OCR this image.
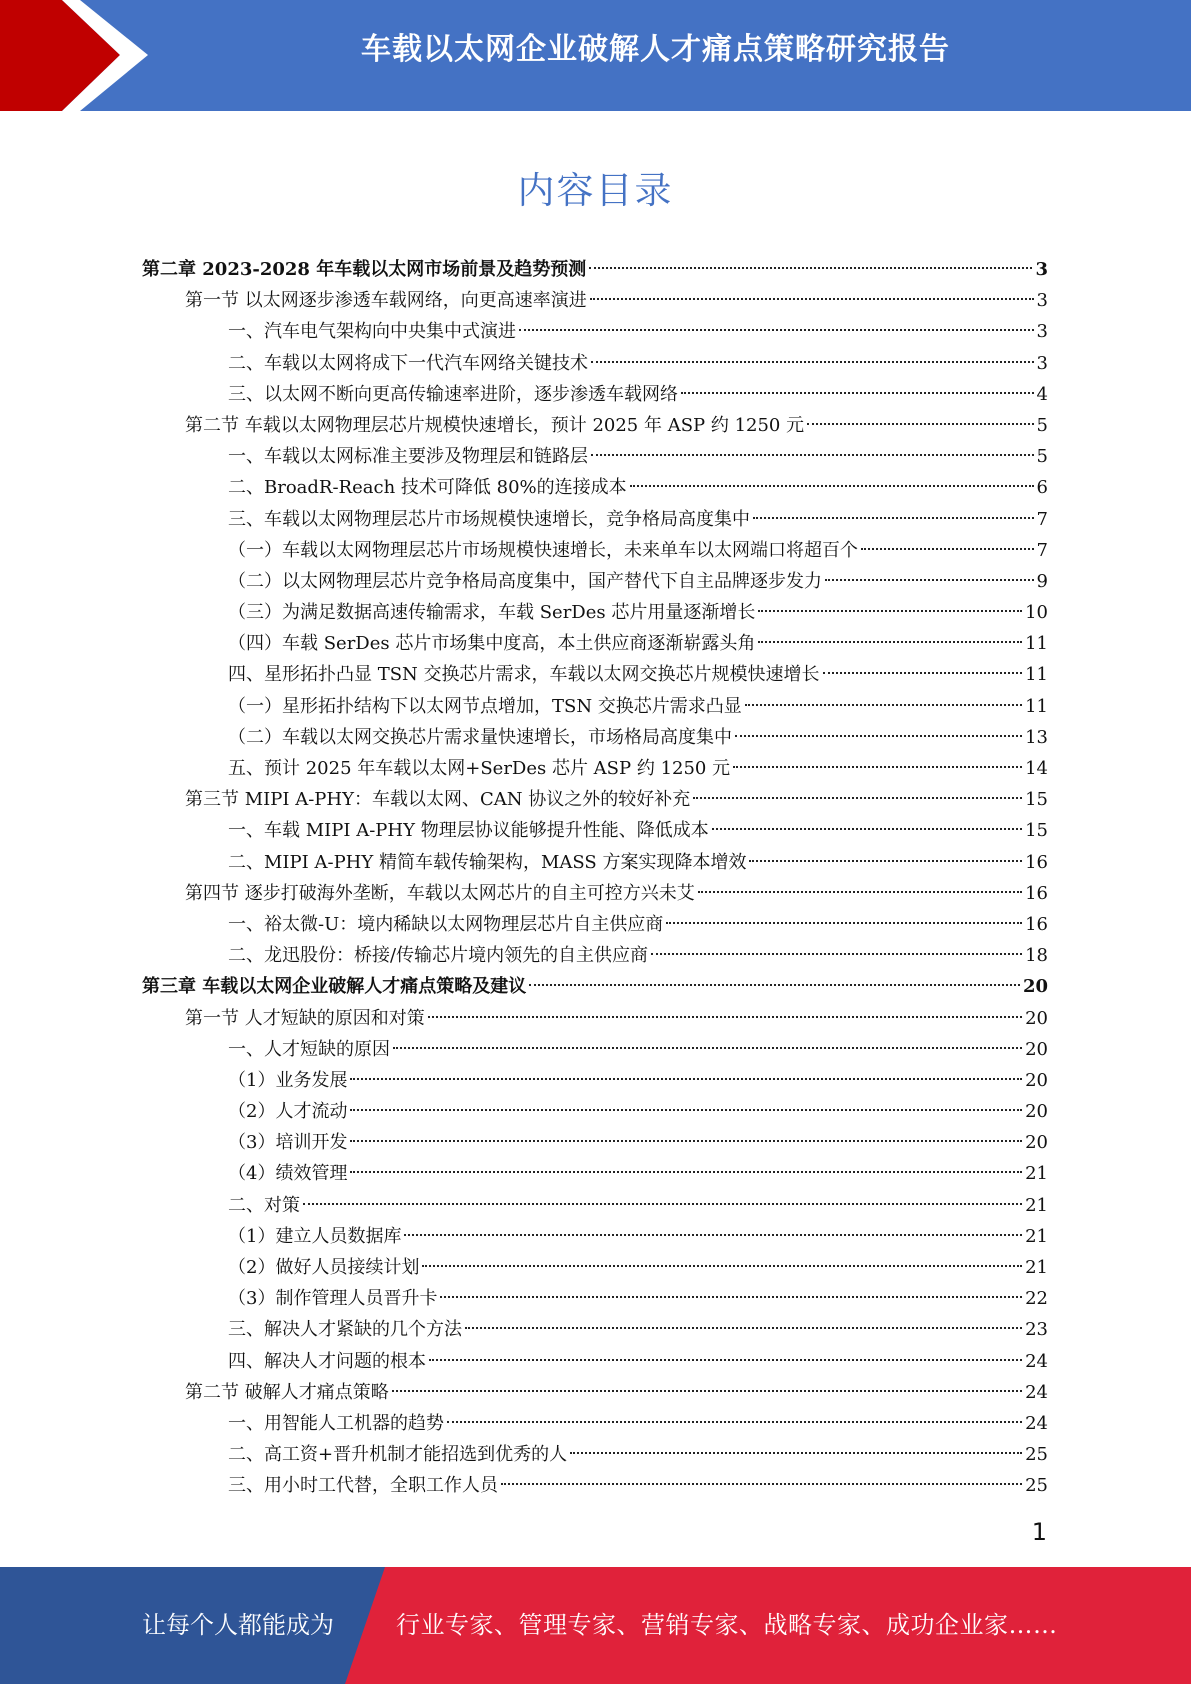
车载以太网企业破解人才痛点策略研究报告
内容目录
第二章 2023-2028 年车载以太网市场前景及趋势预测	3
第一节 以太网逐步渗透车载网络，向更高速率演进	3
一、汽车电气架构向中央集中式演进	3
二、车载以太网将成下一代汽车网络关键技术	3
三、以太网不断向更高传输速率进阶，逐步渗透车载网络	4
第二节 车载以太网物理层芯片规模快速增长，预计 2025 年 ASP 约 1250 元	5
一、车载以太网标准主要涉及物理层和链路层	5
二、BroadR-Reach 技术可降低 80%的连接成本	6
三、车载以太网物理层芯片市场规模快速增长，竞争格局高度集中	7
（一）车载以太网物理层芯片市场规模快速增长，未来单车以太网端口将超百个	7
（二）以太网物理层芯片竞争格局高度集中，国产替代下自主品牌逐步发力	9
（三）为满足数据高速传输需求，车载 SerDes 芯片用量逐渐增长	10
（四）车载 SerDes 芯片市场集中度高，本土供应商逐渐崭露头角	11
四、星形拓扑凸显 TSN 交换芯片需求，车载以太网交换芯片规模快速增长	11
（一）星形拓扑结构下以太网节点增加，TSN 交换芯片需求凸显	11
（二）车载以太网交换芯片需求量快速增长，市场格局高度集中	13
五、预计 2025 年车载以太网+SerDes 芯片 ASP 约 1250 元	14
第三节 MIPI A-PHY：车载以太网、CAN 协议之外的较好补充	15
一、车载 MIPI A-PHY 物理层协议能够提升性能、降低成本	15
二、MIPI A-PHY 精简车载传输架构，MASS 方案实现降本增效	16
第四节 逐步打破海外垄断，车载以太网芯片的自主可控方兴未艾	16
一、裕太微-U：境内稀缺以太网物理层芯片自主供应商	16
二、龙迅股份：桥接/传输芯片境内领先的自主供应商	18
第三章 车载以太网企业破解人才痛点策略及建议	20
第一节 人才短缺的原因和对策	20
一、人才短缺的原因	20
（1）业务发展	20
（2）人才流动	20
（3）培训开发	20
（4）绩效管理	21
二、对策	21
（1）建立人员数据库	21
（2）做好人员接续计划	21
（3）制作管理人员晋升卡	22
三、解决人才紧缺的几个方法	23
四、解决人才问题的根本	24
第二节 破解人才痛点策略	24
一、用智能人工机器的趋势	24
二、高工资+晋升机制才能招选到优秀的人	25
三、用小时工代替，全职工作人员	25
1
让每个人都能成为	行业专家、管理专家、营销专家、战略专家、成功企业家……
